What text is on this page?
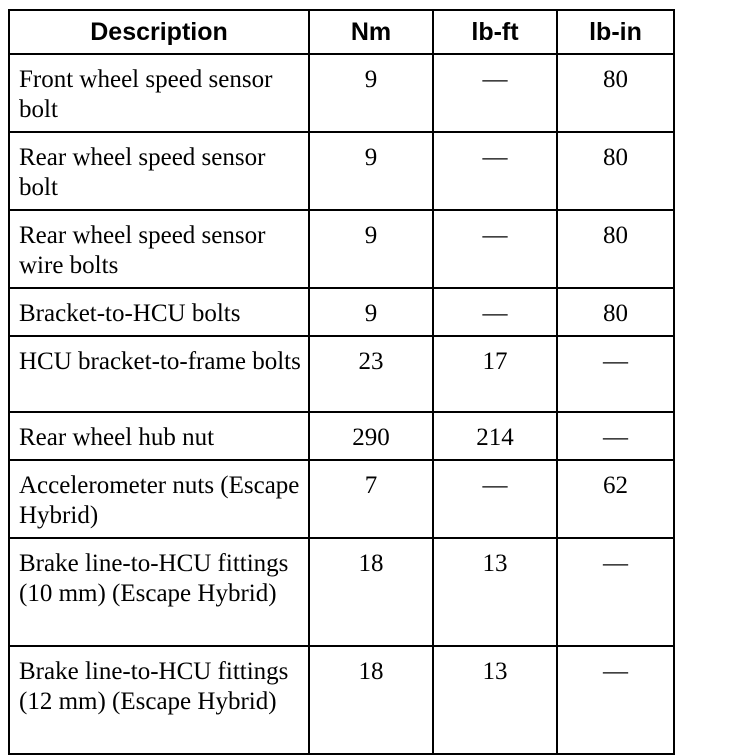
Description	Nm	lb-ft	lb-in
Front wheel speed sensor bolt	9	—	80
Rear wheel speed sensor bolt	9	—	80
Rear wheel speed sensor wire bolts	9	—	80
Bracket-to-HCU bolts	9	—	80
HCU bracket-to-frame bolts	23	17	—
Rear wheel hub nut	290	214	—
Accelerometer nuts (Escape Hybrid)	7	—	62
Brake line-to-HCU fittings (10 mm) (Escape Hybrid)	18	13	—
Brake line-to-HCU fittings (12 mm) (Escape Hybrid)	18	13	—
